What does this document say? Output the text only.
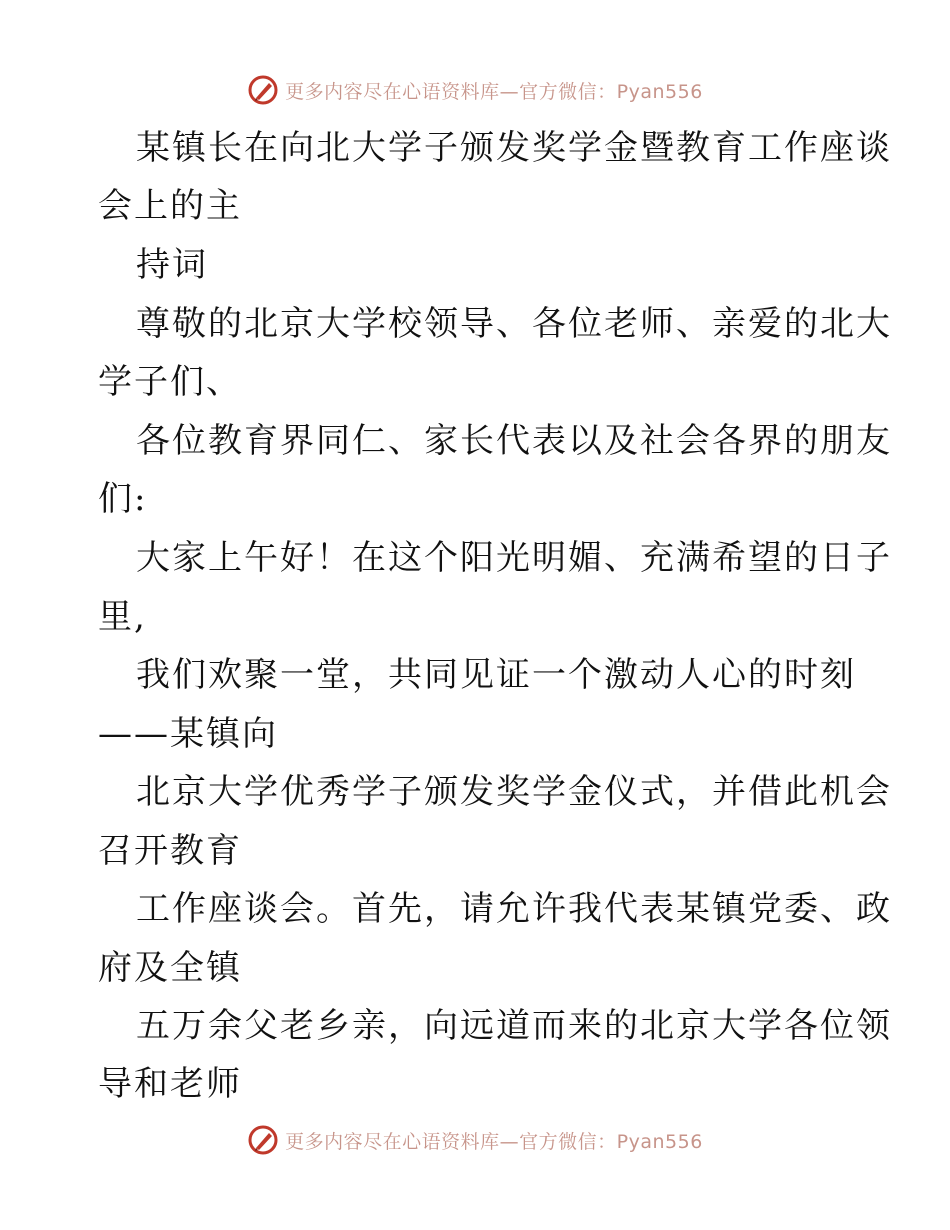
更多内容尽在心语资料库—官方微信：Pyan556
某镇长在向北大学子颁发奖学金暨教育工作座谈
会上的主
持词
尊敬的北京大学校领导、各位老师、亲爱的北大
学子们、
各位教育界同仁、家长代表以及社会各界的朋友
们:
大家上午好！在这个阳光明媚、充满希望的日子
里,
我们欢聚一堂，共同见证一个激动人心的时刻
——某镇向
北京大学优秀学子颁发奖学金仪式，并借此机会
召开教育
工作座谈会。首先，请允许我代表某镇党委、政
府及全镇
五万余父老乡亲，向远道而来的北京大学各位领
导和老师
更多内容尽在心语资料库—官方微信：Pyan556
